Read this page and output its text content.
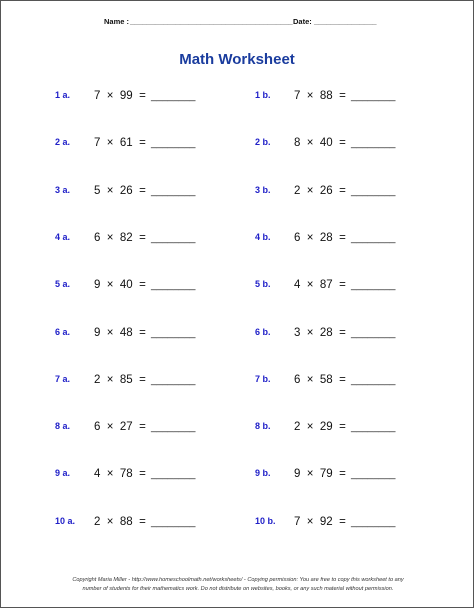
Name : _______________________________________ Date: _______________
Math Worksheet
1 a. 7 × 99 = ________	1 b. 7 × 88 = ________
2 a. 7 × 61 = ________	2 b. 8 × 40 = ________
3 a. 5 × 26 = ________	3 b. 2 × 26 = ________
4 a. 6 × 82 = ________	4 b. 6 × 28 = ________
5 a. 9 × 40 = ________	5 b. 4 × 87 = ________
6 a. 9 × 48 = ________	6 b. 3 × 28 = ________
7 a. 2 × 85 = ________	7 b. 6 × 58 = ________
8 a. 6 × 27 = ________	8 b. 2 × 29 = ________
9 a. 4 × 78 = ________	9 b. 9 × 79 = ________
10 a. 2 × 88 = ________	10 b. 7 × 92 = ________
Copyright Maria Miller - http://www.homeschoolmath.net/worksheets/ - Copying permission: You are free to copy this worksheet to any
number of students for their mathematics work. Do not distribute on websites, books, or any such material without permission.
